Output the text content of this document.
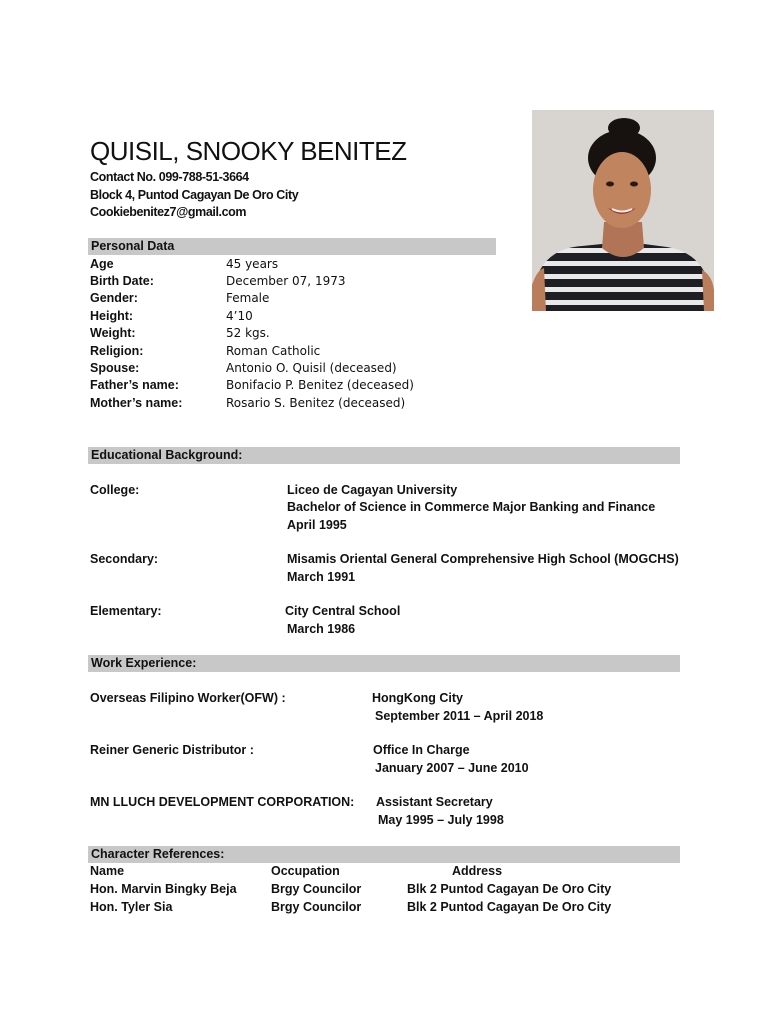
QUISIL, SNOOKY BENITEZ
Contact No. 099-788-51-3664
Block 4, Puntod Cagayan De Oro City
Cookiebenitez7@gmail.com
Personal Data
Age	45 years
Birth Date:	December 07, 1973
Gender:	Female
Height:	4’10
Weight:	52 kgs.
Religion:	Roman Catholic
Spouse:	Antonio O. Quisil (deceased)
Father’s name:	Bonifacio P. Benitez (deceased)
Mother’s name:	Rosario S. Benitez (deceased)
Educational Background:
College:	Liceo de Cagayan University
Bachelor of Science in Commerce Major Banking and Finance
April 1995
Secondary:	Misamis Oriental General Comprehensive High School (MOGCHS)
March 1991
Elementary:	City Central School
March 1986
Work Experience:
Overseas Filipino Worker(OFW) :	HongKong City
September 2011 – April 2018
Reiner Generic Distributor :	Office In Charge
January 2007 – June 2010
MN LLUCH DEVELOPMENT CORPORATION: Assistant Secretary
May 1995 – July 1998
Character References:
Name	Occupation	Address
Hon. Marvin Bingky Beja	Brgy Councilor	Blk 2 Puntod Cagayan De Oro City
Hon. Tyler Sia	Brgy Councilor	Blk 2 Puntod Cagayan De Oro City
